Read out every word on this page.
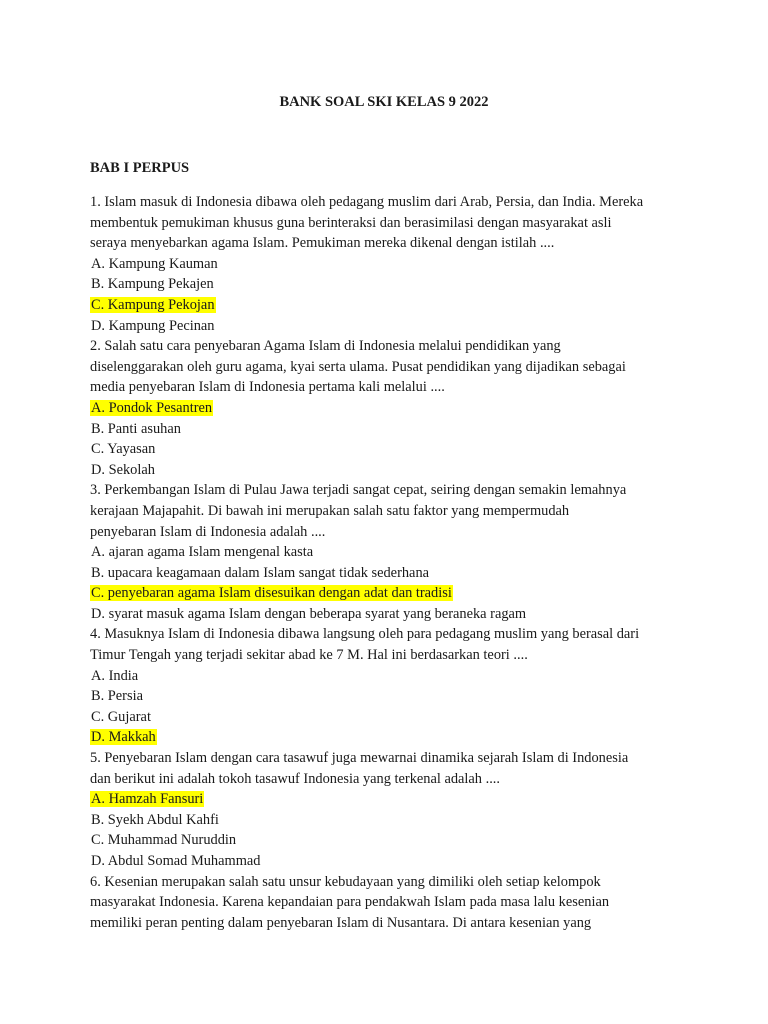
BANK SOAL SKI KELAS 9 2022
BAB I PERPUS
1. Islam masuk di Indonesia dibawa oleh pedagang muslim dari Arab, Persia, dan India. Mereka
membentuk pemukiman khusus guna berinteraksi dan berasimilasi dengan masyarakat asli
seraya menyebarkan agama Islam. Pemukiman mereka dikenal dengan istilah ....
A. Kampung Kauman
B. Kampung Pekajen
C. Kampung Pekojan
D. Kampung Pecinan
2. Salah satu cara penyebaran Agama Islam di Indonesia melalui pendidikan yang
diselenggarakan oleh guru agama, kyai serta ulama. Pusat pendidikan yang dijadikan sebagai
media penyebaran Islam di Indonesia pertama kali melalui ....
A. Pondok Pesantren
B. Panti asuhan
C. Yayasan
D. Sekolah
3. Perkembangan Islam di Pulau Jawa terjadi sangat cepat, seiring dengan semakin lemahnya
kerajaan Majapahit. Di bawah ini merupakan salah satu faktor yang mempermudah
penyebaran Islam di Indonesia adalah ....
A. ajaran agama Islam mengenal kasta
B. upacara keagamaan dalam Islam sangat tidak sederhana
C. penyebaran agama Islam disesuikan dengan adat dan tradisi
D. syarat masuk agama Islam dengan beberapa syarat yang beraneka ragam
4. Masuknya Islam di Indonesia dibawa langsung oleh para pedagang muslim yang berasal dari
Timur Tengah yang terjadi sekitar abad ke 7 M. Hal ini berdasarkan teori ....
A. India
B. Persia
C. Gujarat
D. Makkah
5. Penyebaran Islam dengan cara tasawuf juga mewarnai dinamika sejarah Islam di Indonesia
dan berikut ini adalah tokoh tasawuf Indonesia yang terkenal adalah ....
A. Hamzah Fansuri
B. Syekh Abdul Kahfi
C. Muhammad Nuruddin
D. Abdul Somad Muhammad
6. Kesenian merupakan salah satu unsur kebudayaan yang dimiliki oleh setiap kelompok
masyarakat Indonesia. Karena kepandaian para pendakwah Islam pada masa lalu kesenian
memiliki peran penting dalam penyebaran Islam di Nusantara. Di antara kesenian yang
